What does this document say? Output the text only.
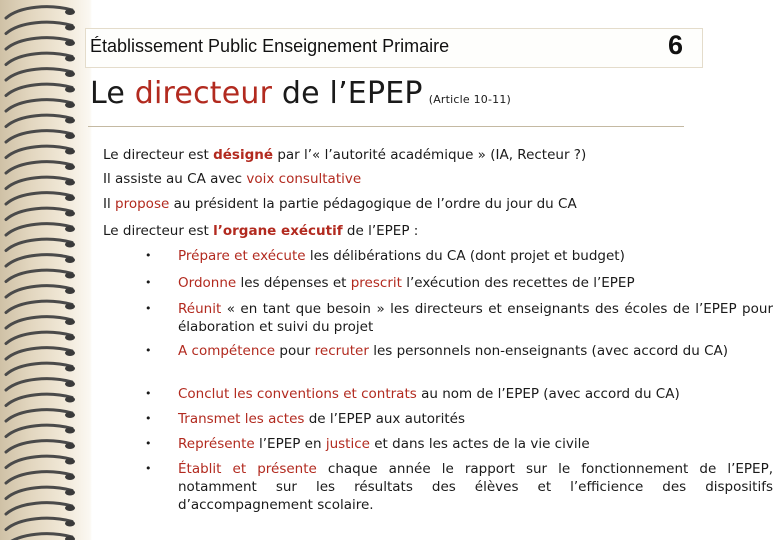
Établissement Public Enseignement Primaire	6
Le directeur de l’EPEP (Article 10-11)
Le directeur est désigné par l’« l’autorité académique » (IA, Recteur ?)
Il assiste au CA avec voix consultative
Il propose au président la partie pédagogique de l’ordre du jour du CA
Le directeur est l’organe exécutif de l’EPEP :
• Prépare et exécute les délibérations du CA (dont projet et budget)
• Ordonne les dépenses et prescrit l’exécution des recettes de l’EPEP
• Réunit « en tant que besoin » les directeurs et enseignants des écoles de l’EPEP pour élaboration et suivi du projet
• A compétence pour recruter les personnels non-enseignants (avec accord du CA)
• Conclut les conventions et contrats au nom de l’EPEP (avec accord du CA)
• Transmet les actes de l’EPEP aux autorités
• Représente l’EPEP en justice et dans les actes de la vie civile
• Établit et présente chaque année le rapport sur le fonctionnement de l’EPEP, notamment sur les résultats des élèves et l’efficience des dispositifs d’accompagnement scolaire.
